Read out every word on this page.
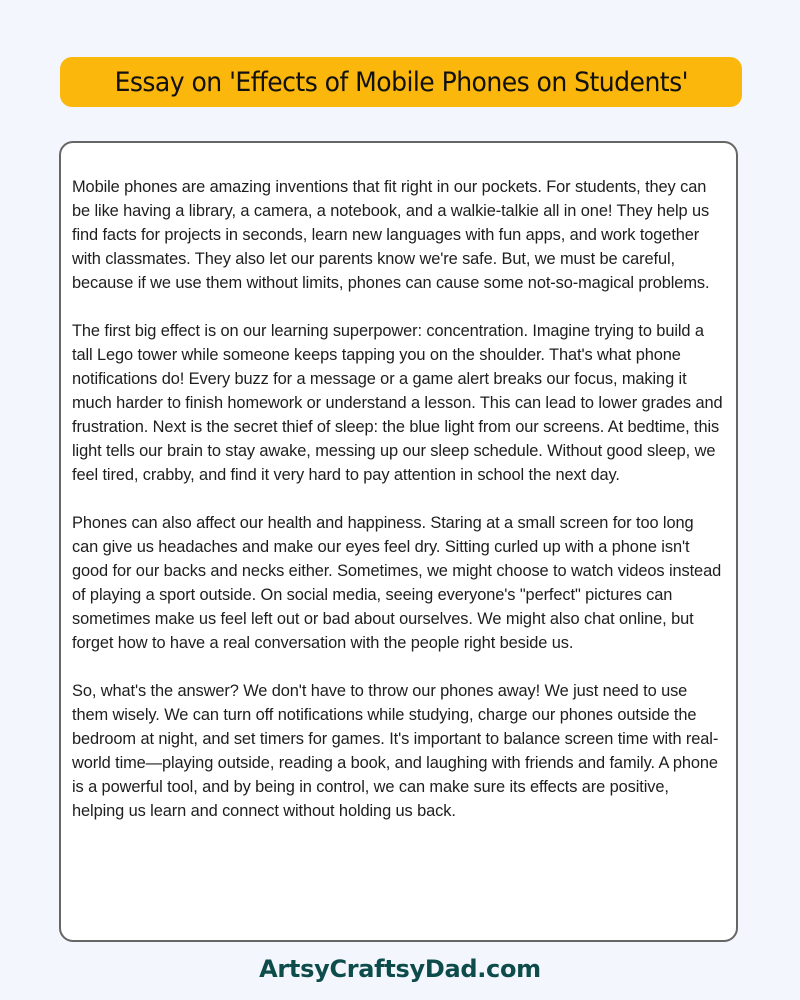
Essay on 'Effects of Mobile Phones on Students'

Mobile phones are amazing inventions that fit right in our pockets. For students, they can be like having a library, a camera, a notebook, and a walkie-talkie all in one! They help us find facts for projects in seconds, learn new languages with fun apps, and work together with classmates. They also let our parents know we're safe. But, we must be careful, because if we use them without limits, phones can cause some not-so-magical problems.

The first big effect is on our learning superpower: concentration. Imagine trying to build a tall Lego tower while someone keeps tapping you on the shoulder. That's what phone notifications do! Every buzz for a message or a game alert breaks our focus, making it much harder to finish homework or understand a lesson. This can lead to lower grades and frustration. Next is the secret thief of sleep: the blue light from our screens. At bedtime, this light tells our brain to stay awake, messing up our sleep schedule. Without good sleep, we feel tired, crabby, and find it very hard to pay attention in school the next day.

Phones can also affect our health and happiness. Staring at a small screen for too long can give us headaches and make our eyes feel dry. Sitting curled up with a phone isn't good for our backs and necks either. Sometimes, we might choose to watch videos instead of playing a sport outside. On social media, seeing everyone's "perfect" pictures can sometimes make us feel left out or bad about ourselves. We might also chat online, but forget how to have a real conversation with the people right beside us.

So, what's the answer? We don't have to throw our phones away! We just need to use them wisely. We can turn off notifications while studying, charge our phones outside the bedroom at night, and set timers for games. It's important to balance screen time with real-world time—playing outside, reading a book, and laughing with friends and family. A phone is a powerful tool, and by being in control, we can make sure its effects are positive, helping us learn and connect without holding us back.

ArtsyCraftsyDad.com
